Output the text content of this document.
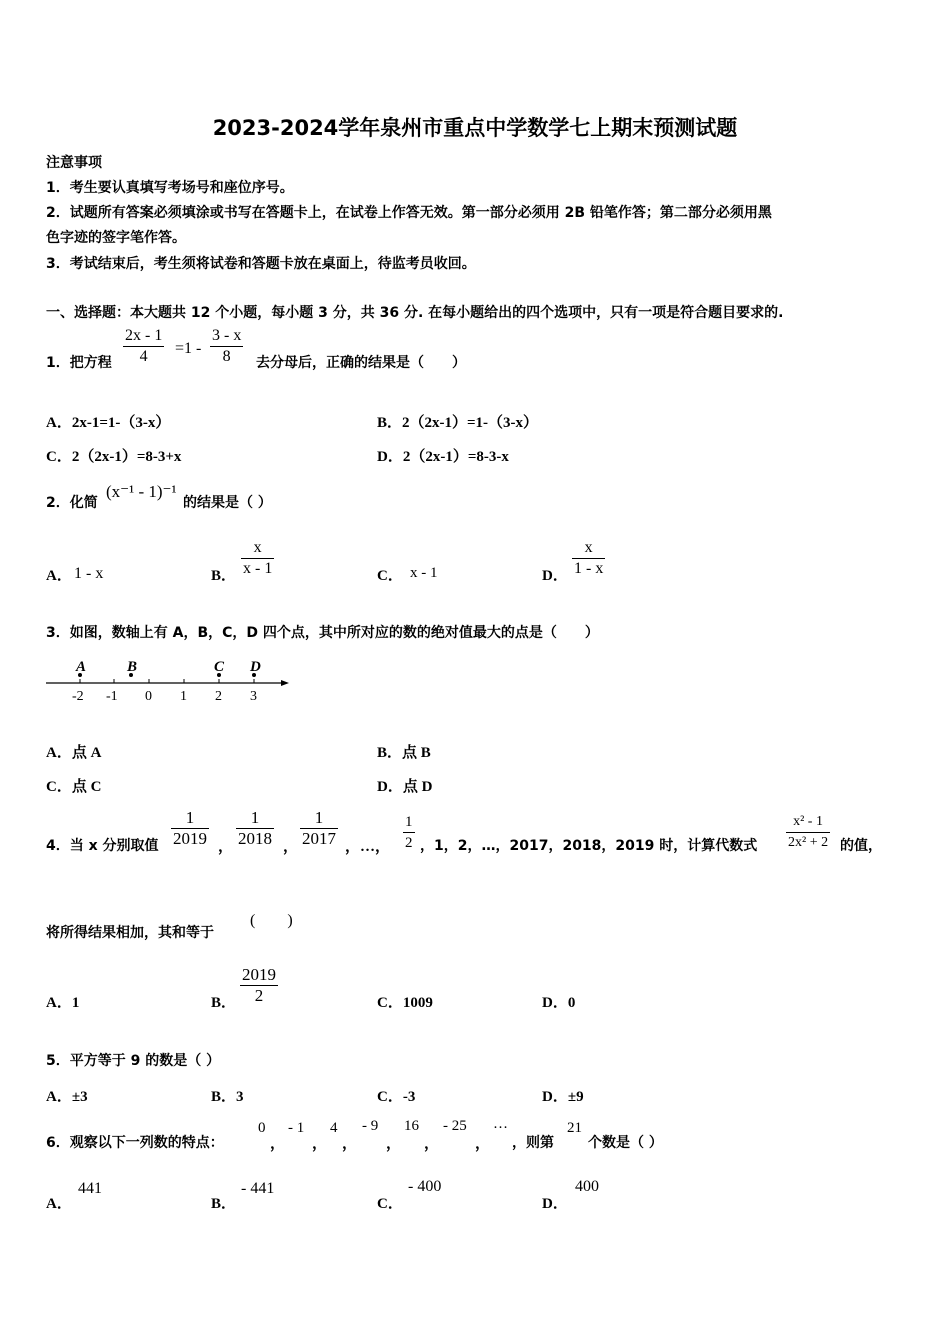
2023-2024学年泉州市重点中学数学七上期末预测试题
注意事项
1．考生要认真填写考场号和座位序号。
2．试题所有答案必须填涂或书写在答题卡上，在试卷上作答无效。第一部分必须用 2B 铅笔作答；第二部分必须用黑
色字迹的签字笔作答。
3．考试结束后，考生须将试卷和答题卡放在桌面上，待监考员收回。
一、选择题：本大题共 12 个小题，每小题 3 分，共 36 分. 在每小题给出的四个选项中，只有一项是符合题目要求的.
1．把方程 $\frac{2x - 1}{4} =1 - \frac{3 - x}{8}$ 去分母后，正确的结果是（　　）
A．2x-1=1-（3-x）	B．2（2x-1）=1-（3-x）
C．2（2x-1）=8-3+x	D．2（2x-1）=8-3-x
2．化简
(x⁻¹ - 1)⁻¹
的结果是（ ）
A． 1 - x	B． $\frac{x}{x - 1}$	C． x - 1	D． $\frac{x}{1 - x}$
3．如图，数轴上有 A，B，C，D 四个点，其中所对应的数的绝对值最大的点是（　　）
A	B	C D
-2 -1 0 1 2 3
A．点 A	B．点 B
C．点 C	D．点 D
4．当 x 分别取值 $\frac{1}{2019}$ ， $\frac{1}{2018}$ ， $\frac{1}{2017}$ ，…， $\frac{1}{2}$ ，1，2，…，2017，2018，2019 时，计算代数式 $\frac{\text{x² - 1}}{\text{2x² + 2}}$ 的值，
将所得结果相加，其和等于
(　　)
A．1	B． $\frac{2019}{2}$	C．1009	D．0
5．平方等于 9 的数是（ ）
A．±3	B．3	C．-3	D．±9
6．观察以下一列数的特点：
0
，
- 1
，
4
，
- 9
，
16
，
- 25
，
…
，则第
21
个数是（ ）
A．
441
B．
- 441
C．
- 400
D．
400
